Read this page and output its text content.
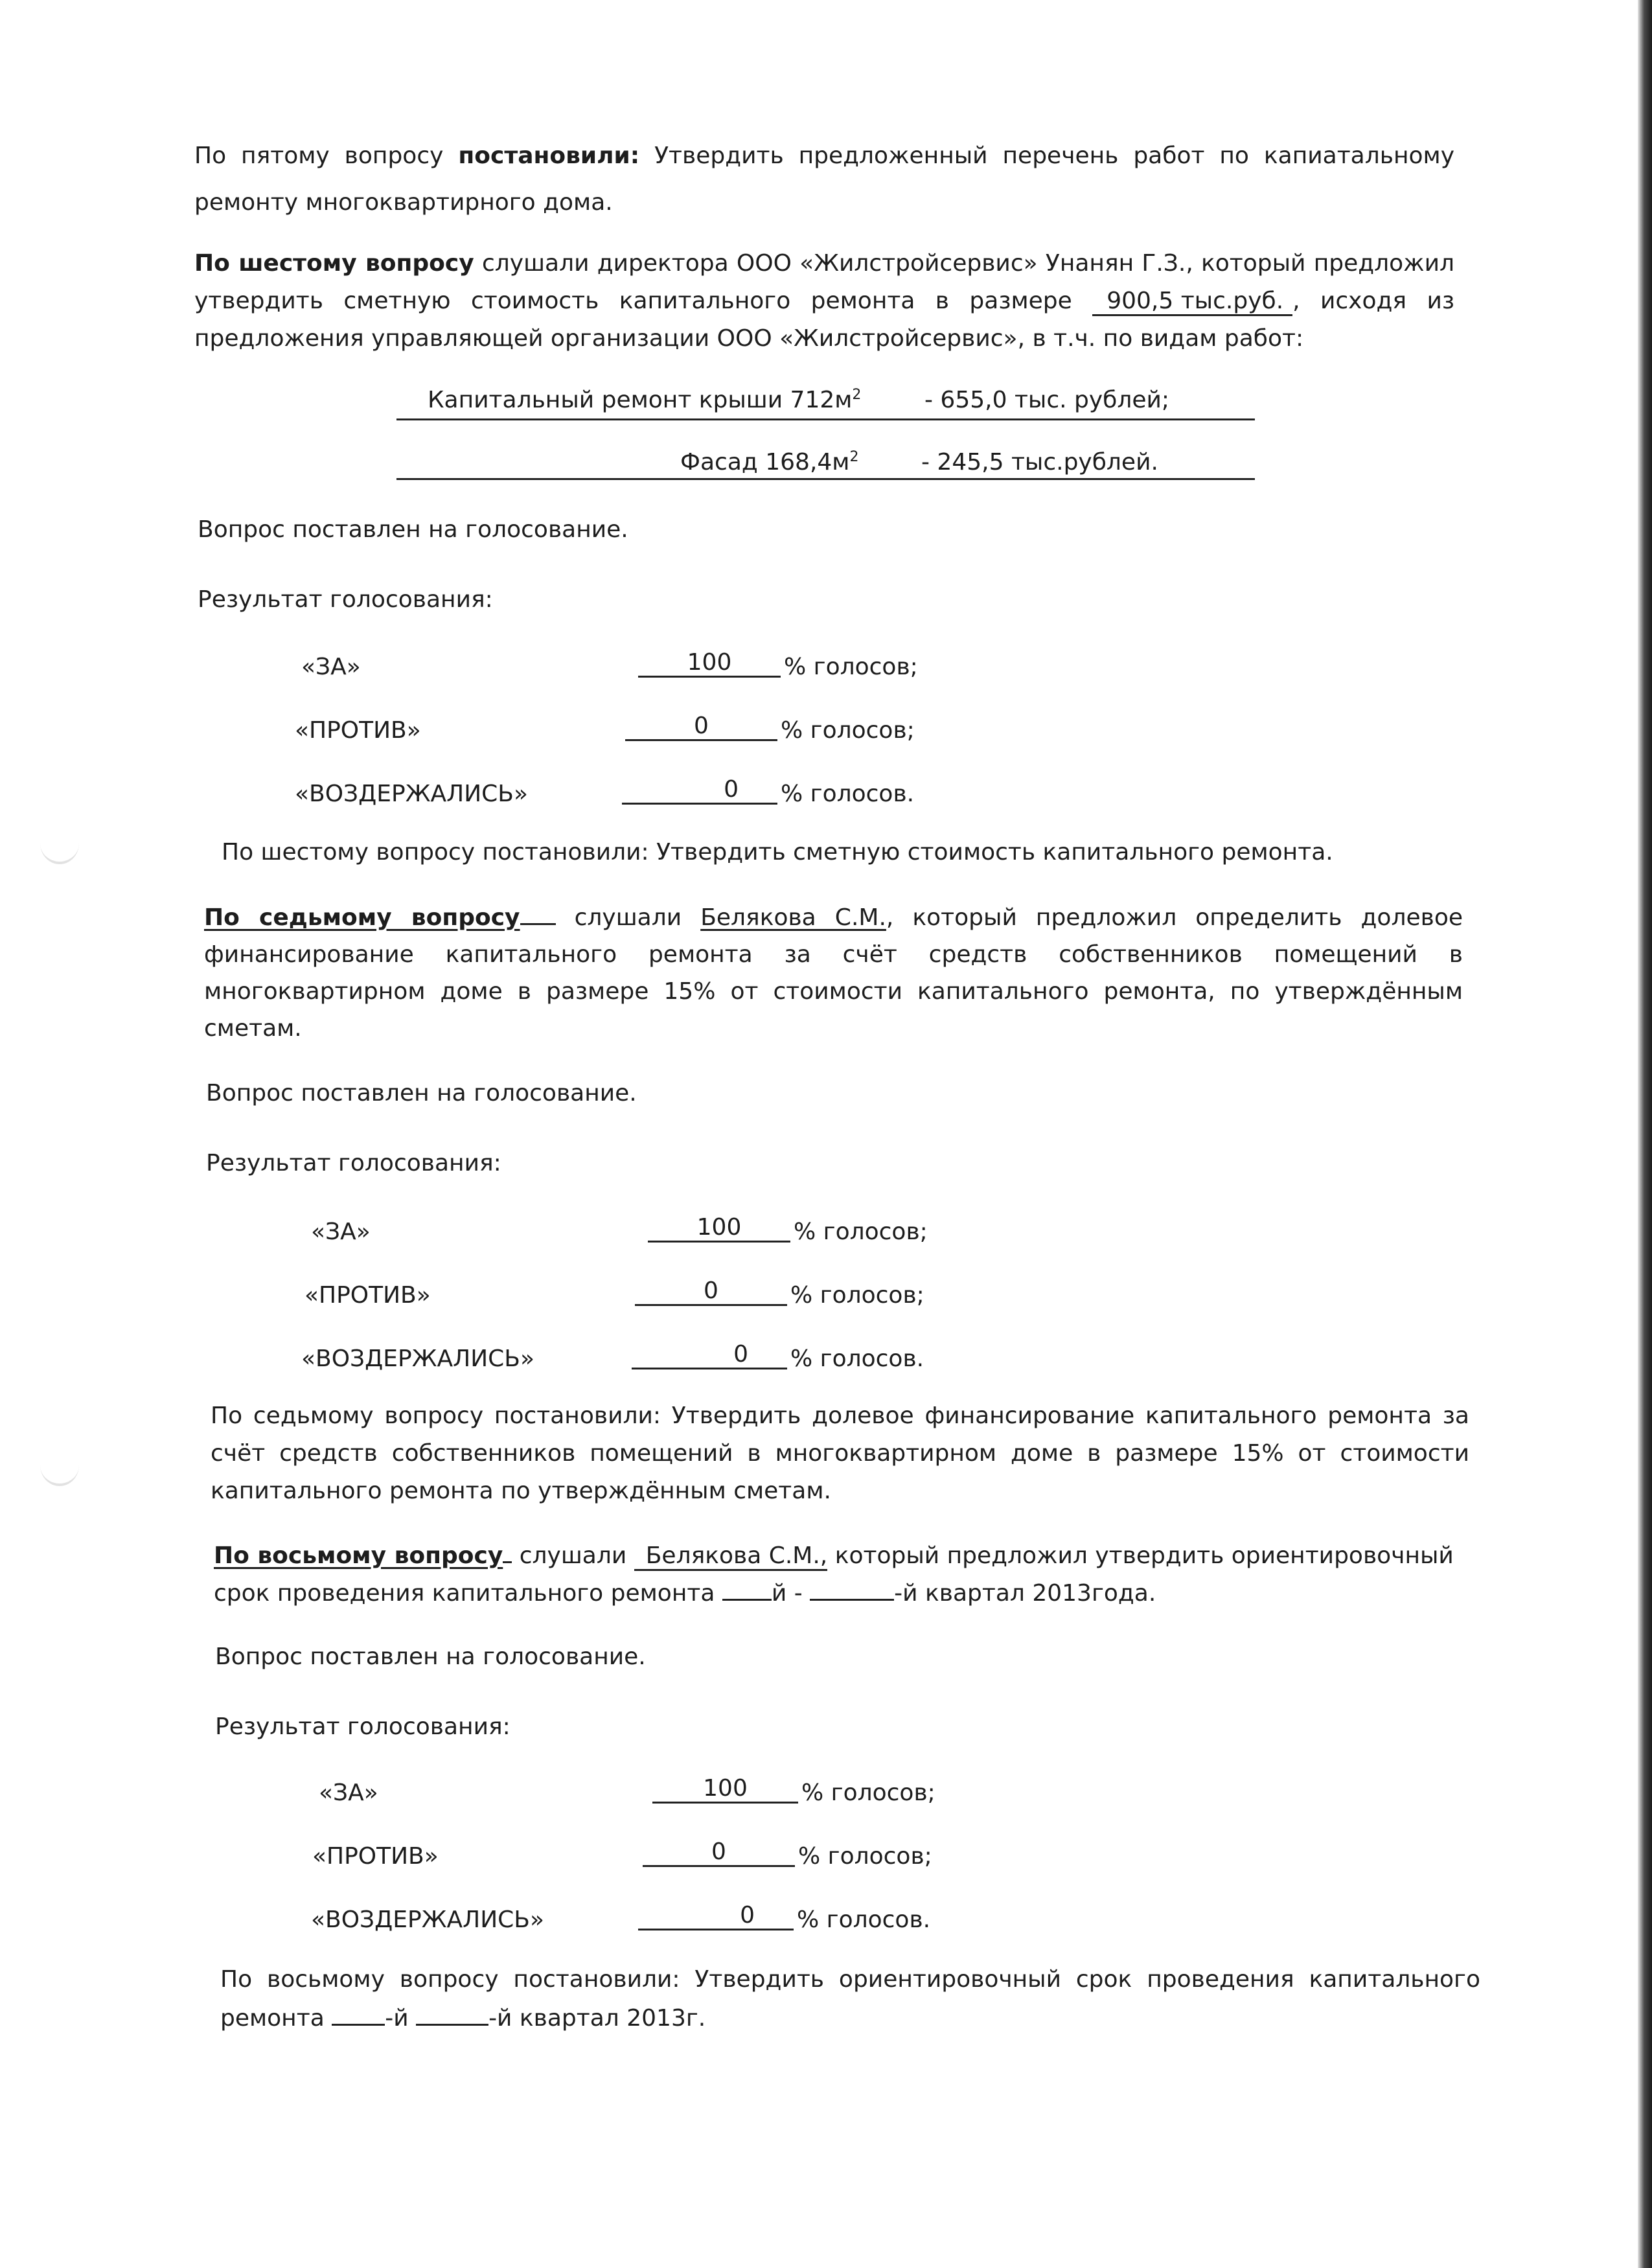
По пятому вопросу постановили: Утвердить предложенный перечень работ по капиатальному ремонту многоквартирного дома.

По шестому вопросу слушали директора ООО «Жилстройсервис» Унанян Г.З., который предложил утвердить сметную стоимость капитального ремонта в размере 900,5 тыс.руб. , исходя из предложения управляющей организации ООО «Жилстройсервис», в т.ч. по видам работ:

Капитальный ремонт крыши $712м^2$	- 655,0 тыс. рублей;
Фасад $168,4м^2$	- 245,5 тыс.рублей.

Вопрос поставлен на голосование.

Результат голосования:

«ЗА»	100	% голосов;
«ПРОТИВ»	0	% голосов;
«ВОЗДЕРЖАЛИСЬ»	0	% голосов.

По шестому вопросу постановили: Утвердить сметную стоимость капитального ремонта.

По седьмому вопросу слушали Белякова С.М., который предложил определить долевое финансирование капитального ремонта за счёт средств собственников помещений в многоквартирном доме в размере 15% от стоимости капитального ремонта, по утверждённым сметам.

Вопрос поставлен на голосование.

Результат голосования:

«ЗА»	100	% голосов;
«ПРОТИВ»	0	% голосов;
«ВОЗДЕРЖАЛИСЬ»	0	% голосов.

По седьмому вопросу постановили: Утвердить долевое финансирование капитального ремонта за счёт средств собственников помещений в многоквартирном доме в размере 15% от стоимости капитального ремонта по утверждённым сметам.

По восьмому вопросу слушали Белякова С.М., который предложил утвердить ориентировочный срок проведения капитального ремонта й -	-й квартал 2013года.

Вопрос поставлен на голосование.

Результат голосования:

«ЗА»	100	% голосов;
«ПРОТИВ»	0	% голосов;
«ВОЗДЕРЖАЛИСЬ»	0	% голосов.

По восьмому вопросу постановили: Утвердить ориентировочный срок проведения капитального ремонта	-й	-й квартал 2013г.
